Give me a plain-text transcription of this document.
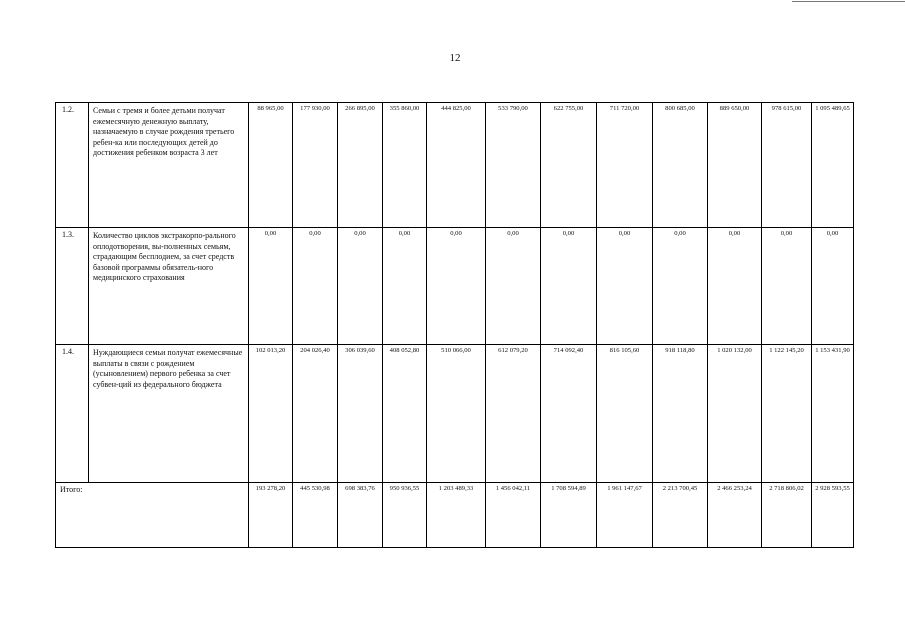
12
1.2.	Семьи с тремя и более детьми получат ежемесячную денежную выплату, назначаемую в случае рождения третьего ребен-ка или последующих детей до достижения ребенком возраста 3 лет	88 965,00	177 930,00	266 895,00	355 860,00	444 825,00	533 790,00	622 755,00	711 720,00	800 685,00	889 650,00	978 615,00	1 095 489,65
1.3.	Количество циклов экстракорпо-рального оплодотворения, вы-полненных семьям, страдающим бесплодием, за счет средств базовой программы обязатель-ного медицинского страхования	0,00	0,00	0,00	0,00	0,00	0,00	0,00	0,00	0,00	0,00	0,00	0,00
1.4.	Нуждающиеся семьи получат ежемесячные выплаты в связи с рождением (усыновлением) первого ребенка за счет субвен-ций из федерального бюджета	102 013,20	204 026,40	306 039,60	408 052,80	510 066,00	612 079,20	714 092,40	816 105,60	918 118,80	1 020 132,00	1 122 145,20	1 153 431,90
Итого:		193 278,20	445 530,98	698 383,76	950 936,55	1 203 489,33	1 456 042,11	1 708 594,89	1 961 147,67	2 213 700,45	2 466 253,24	2 718 806,02	2 928 593,55
